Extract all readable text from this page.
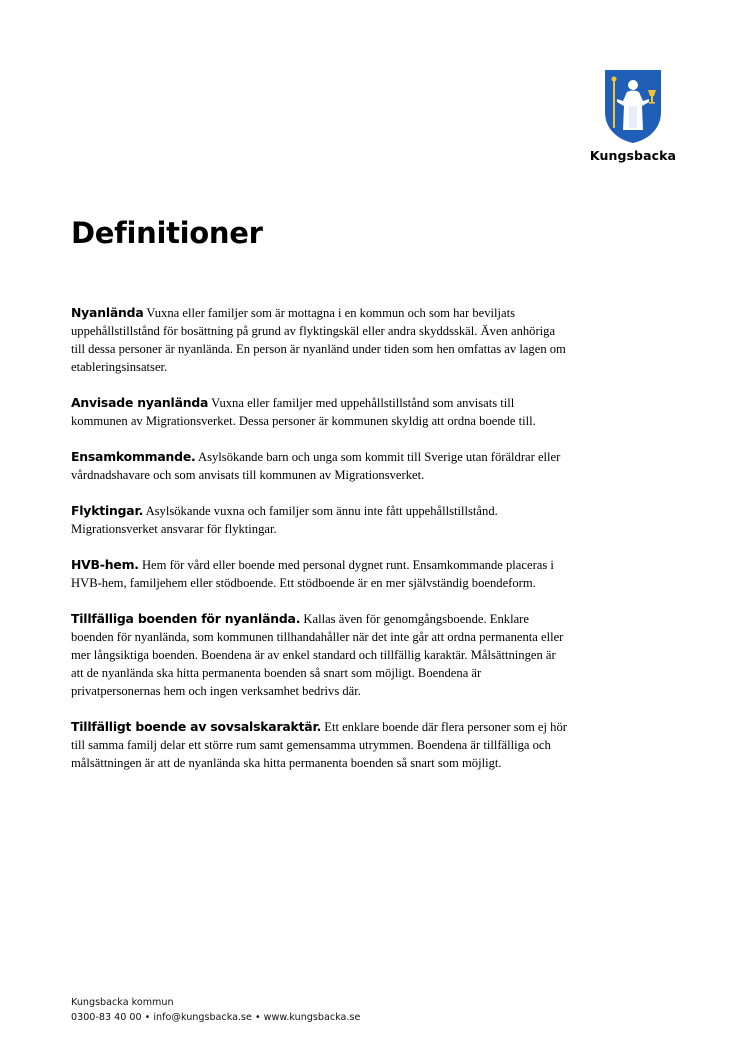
Kungsbacka
Definitioner

Nyanlända Vuxna eller familjer som är mottagna i en kommun och som har beviljats uppehållstillstånd för bosättning på grund av flyktingskäl eller andra skyddsskäl. Även anhöriga till dessa personer är nyanlända. En person är nyanländ under tiden som hen omfattas av lagen om etableringsinsatser.

Anvisade nyanlända Vuxna eller familjer med uppehållstillstånd som anvisats till kommunen av Migrationsverket. Dessa personer är kommunen skyldig att ordna boende till.

Ensamkommande. Asylsökande barn och unga som kommit till Sverige utan föräldrar eller vårdnadshavare och som anvisats till kommunen av Migrationsverket.

Flyktingar. Asylsökande vuxna och familjer som ännu inte fått uppehållstillstånd. Migrationsverket ansvarar för flyktingar.

HVB-hem. Hem för vård eller boende med personal dygnet runt. Ensamkommande placeras i HVB-hem, familjehem eller stödboende. Ett stödboende är en mer självständig boendeform.

Tillfälliga boenden för nyanlända. Kallas även för genomgångsboende. Enklare boenden för nyanlända, som kommunen tillhandahåller när det inte går att ordna permanenta eller mer långsiktiga boenden. Boendena är av enkel standard och tillfällig karaktär. Målsättningen är att de nyanlända ska hitta permanenta boenden så snart som möjligt. Boendena är privatpersonernas hem och ingen verksamhet bedrivs där.

Tillfälligt boende av sovsalskaraktär. Ett enklare boende där flera personer som ej hör till samma familj delar ett större rum samt gemensamma utrymmen. Boendena är tillfälliga och målsättningen är att de nyanlända ska hitta permanenta boenden så snart som möjligt.

Kungsbacka kommun
0300-83 40 00 • info@kungsbacka.se • www.kungsbacka.se
